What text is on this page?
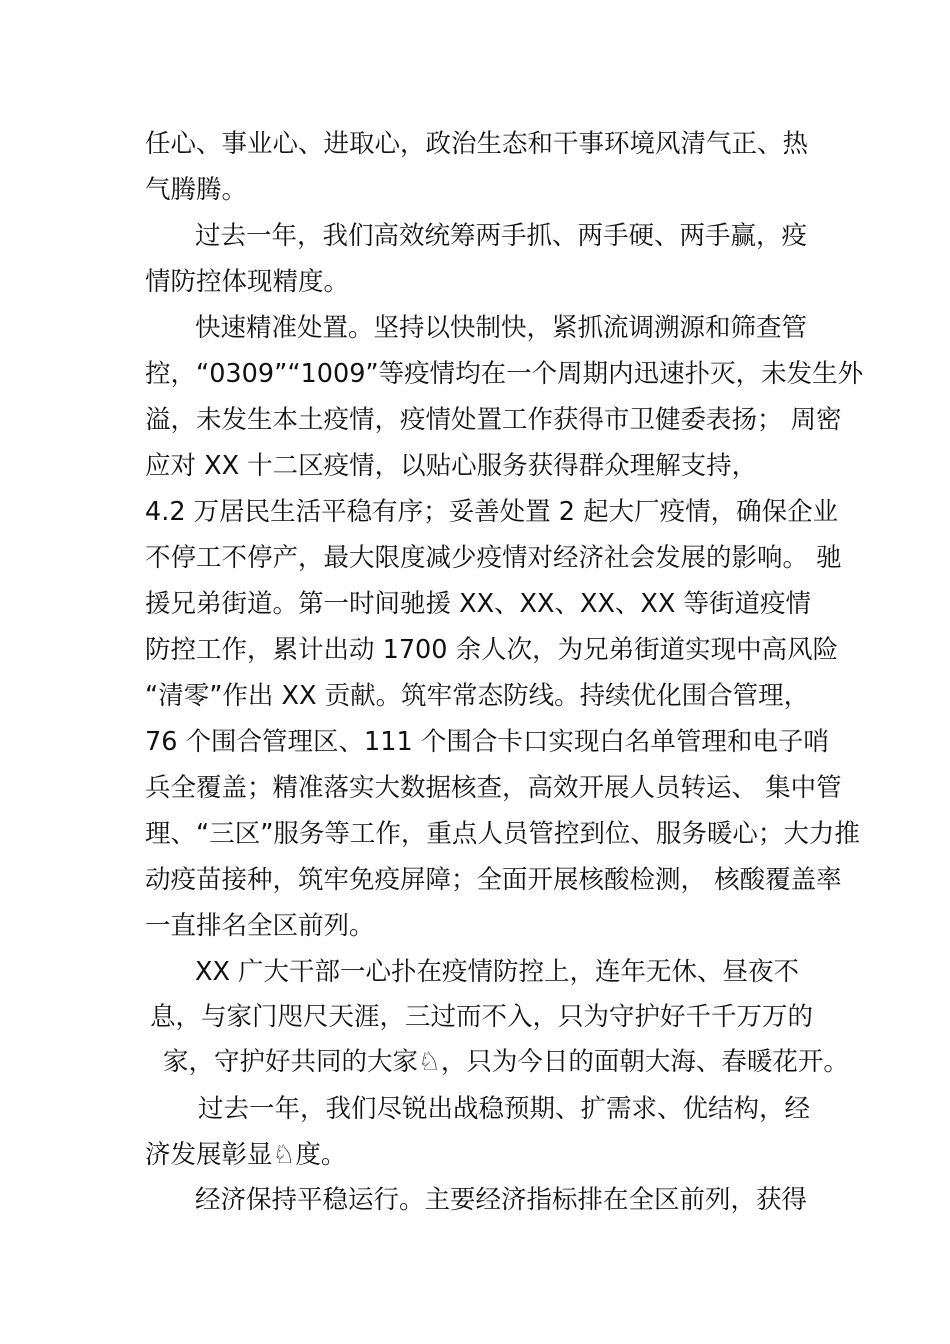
任心、事业心、进取心，政治生态和干事环境风清气正、热
气腾腾。
过去一年，我们高效统筹两手抓、两手硬、两手赢，疫
情防控体现精度。
快速精准处置。坚持以快制快，紧抓流调溯源和筛查管
控，“0309”“1009”等疫情均在一个周期内迅速扑灭，未发生外
溢，未发生本土疫情，疫情处置工作获得市卫健委表扬； 周密
应对 XX 十二区疫情，以贴心服务获得群众理解支持，
4.2 万居民生活平稳有序；妥善处置 2 起大厂疫情，确保企业
不停工不停产，最大限度减少疫情对经济社会发展的影响。 驰
援兄弟街道。第一时间驰援 XX、XX、XX、XX 等街道疫情
防控工作，累计出动 1700 余人次，为兄弟街道实现中高风险
“清零”作出 XX 贡献。筑牢常态防线。持续优化围合管理，
76 个围合管理区、111 个围合卡口实现白名单管理和电子哨
兵全覆盖；精准落实大数据核查，高效开展人员转运、 集中管
理、“三区”服务等工作，重点人员管控到位、服务暖心；大力推
动疫苗接种，筑牢免疫屏障；全面开展核酸检测， 核酸覆盖率
一直排名全区前列。
XX 广大干部一心扑在疫情防控上，连年无休、昼夜不
息，与家门咫尺天涯，三过而不入，只为守护好千千万万的
家，守护好共同的大家♘，只为今日的面朝大海、春暖花开。
过去一年，我们尽锐出战稳预期、扩需求、优结构，经
济发展彰显♘度。
经济保持平稳运行。主要经济指标排在全区前列，获得
